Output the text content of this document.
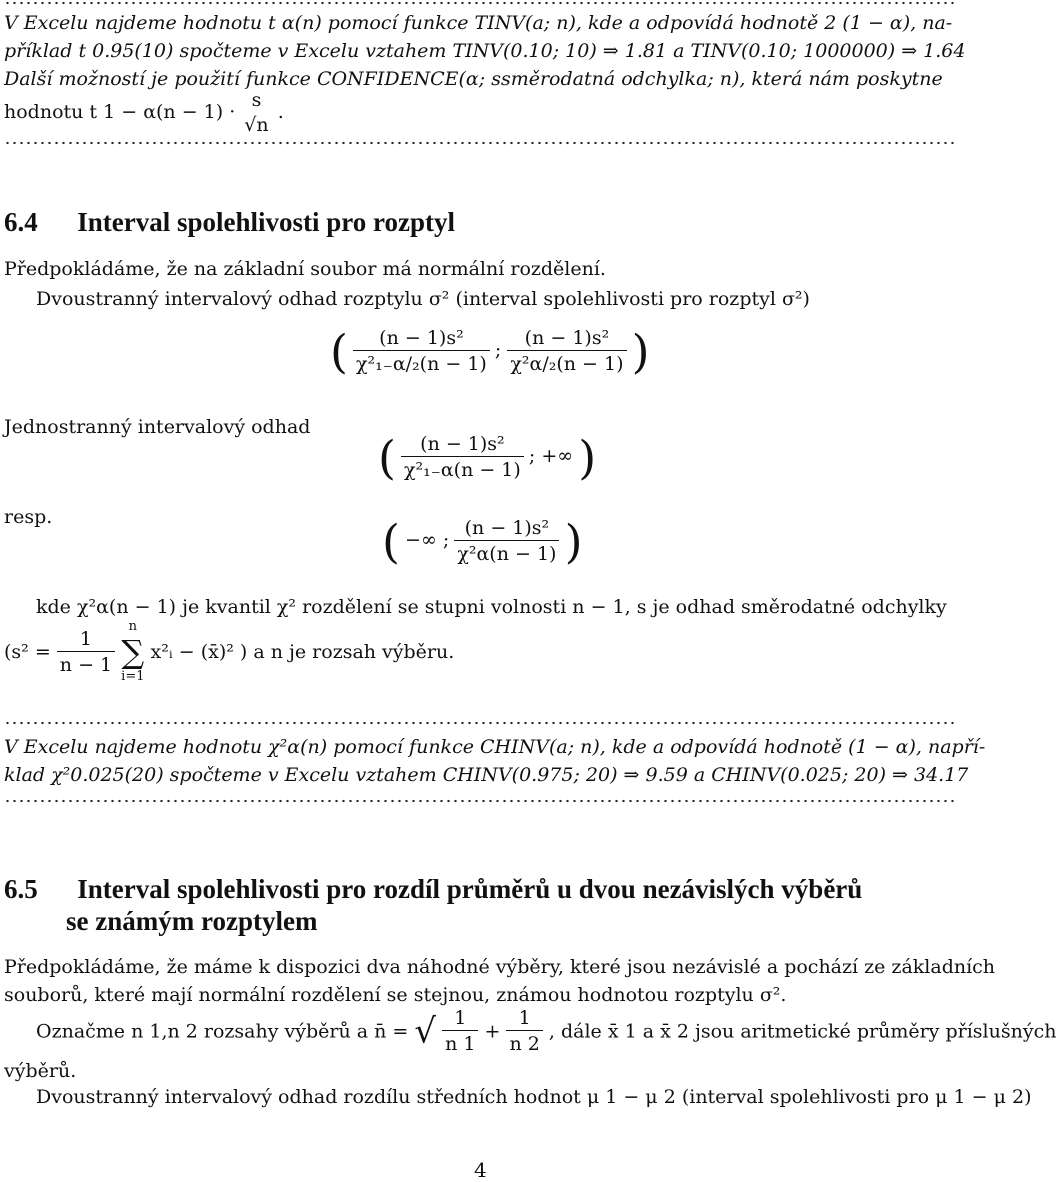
V Excelu najdeme hodnotu t α(n) pomocí funkce TINV(a; n), kde a odpovídá hodnotě 2 (1 − α), na-
příklad t 0.95(10) spočteme v Excelu vztahem TINV(0.10; 10) ⇒ 1.81 a TINV(0.10; 1000000) ⇒ 1.64
Další možností je použití funkce CONFIDENCE(α; ssměrodatná odchylka; n), která nám poskytne
hodnotu t 1 − α(n − 1) ·
s
√n
.
6.4 Interval spolehlivosti pro rozptyl
Předpokládáme, že na základní soubor má normální rozdělení.
Dvoustranný intervalový odhad rozptylu σ² (interval spolehlivosti pro rozptyl σ²)
( $\frac{\text{(n − 1)s²}}{\text{χ²₁₋α/₂(n − 1)}}$ ; $\frac{\text{(n − 1)s²}}{\text{χ²α/₂(n − 1)}}$ )
Jednostranný intervalový odhad
( $\frac{\text{(n − 1)s²}}{\text{χ²₁₋α(n − 1)}}$ ; +∞ )
resp.	( −∞ ; $\frac{\text{(n − 1)s²}}{\text{χ²α(n − 1)}}$ )
kde χ²α(n − 1) je kvantil χ² rozdělení se stupni volnosti n − 1, s je odhad směrodatné odchylky
($s^2 = \frac{1}{n - 1}$
	n
∑
i=1
x²ᵢ − (x̄)² ) a n je rozsah výběru.
V Excelu najdeme hodnotu χ²α(n) pomocí funkce CHINV(a; n), kde a odpovídá hodnotě (1 − α), napří-
klad χ²0.025(20) spočteme v Excelu vztahem CHINV(0.975; 20) ⇒ 9.59 a CHINV(0.025; 20) ⇒ 34.17
6.5 Interval spolehlivosti pro rozdíl průměrů u dvou nezávislých výběrů
se známým rozptylem
Předpokládáme, že máme k dispozici dva náhodné výběry, které jsou nezávislé a pochází ze základních
souborů, které mají normální rozdělení se stejnou, známou hodnotou rozptylu σ².
Označme n 1,n 2 rozsahy výběrů a n̄ = √ $\frac{1}{n 1} + \frac{1}{n 2}$ , dále x̄ 1 a x̄ 2 jsou aritmetické průměry příslušných
výběrů.
Dvoustranný intervalový odhad rozdílu středních hodnot μ 1 − μ 2 (interval spolehlivosti pro μ 1 − μ 2)
4
